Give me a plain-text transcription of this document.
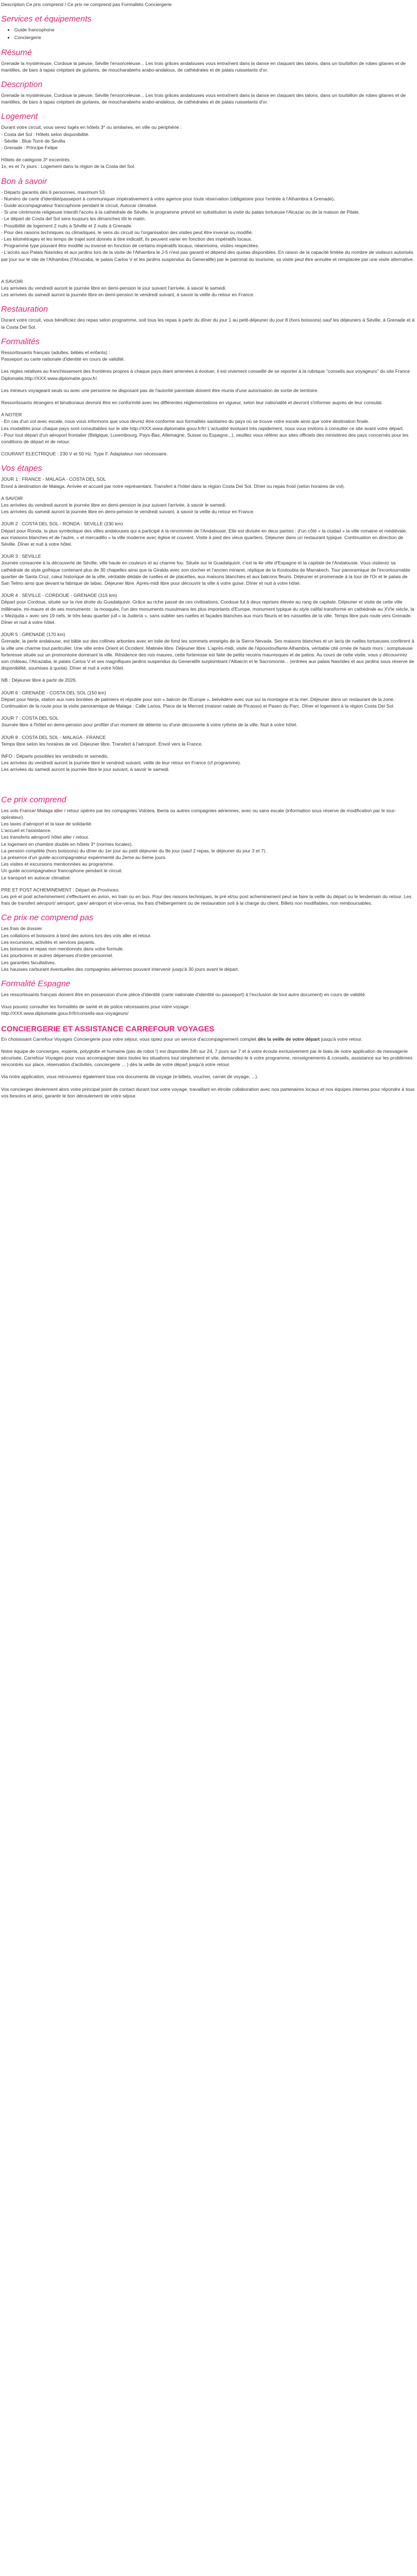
Description Ce prix comprend / Ce prix ne comprend pas Formalités Conciergerie
Services et équipements
• Guide francophone
• Conciergerie
Résumé

Grenade la mystérieuse, Cordoue la pieuse, Séville l'ensorceleuse... Les trois grâces andalouses vous entraînent dans la danse en claquant des talons, dans un tourbillon de robes gitanes et de mantilles, de bars à tapas crépitant de guitares, de moucharabiehs arabo-andalous, de cathédrales et de palais ruisselants d'or.

Description

Grenade la mystérieuse, Cordoue la pieuse, Séville l'ensorceleuse... Les trois grâces andalouses vous entraînent dans la danse en claquant des talons, dans un tourbillon de robes gitanes et de mantilles, de bars à tapas crépitant de guitares, de moucharabiehs arabo-andalous, de cathédrales et de palais ruisselants d'or.

Logement

Durant votre circuit, vous serez logés en hôtels 3* ou similaires, en ville ou périphérie :
- Costa del Sol : Hôtels selon disponibilité.
- Séville : Blue Torre de Sevilla
- Grenade : Principe Felipe

Hôtels de catégorie 3* excentrés.
1x, ex et 7x jours : Logement dans la région de la Costa del Sol.

Bon à savoir

- Départs garantis dès 6 personnes, maximum 53.
- Numéro de carte d'identité/passeport à communiquer impérativement à votre agence pour toute réservation (obligatoire pour l'entrée à l'Alhambra à Grenade).
- Guide accompagnateur francophone pendant le circuit, Autocar climatisé.
- Si une cérémonie religieuse interdit l'accès à la cathédrale de Séville, le programme prévoit en substitution la visite du palais tortueuse l'Alcazar ou de la maison de Pilate.
- Le départ de Costa del Sol sera toujours les dimanches tôt le matin.
- Possibilité de logement 2 nuits à Séville et 2 nuits à Grenade.
- Pour des raisons techniques ou climatiques, le sens du circuit ou l'organisation des visites peut être inversé ou modifié.
- Les kilométrages et les temps de trajet sont donnés à titre indicatif, ils peuvent varier en fonction des impératifs locaux.
- Programme type pouvant être modifié ou inversé en fonction de certains impératifs locaux, néanmoins, visites respectées.
- L'accès aux Palais Nasrides et aux jardins lors de la visite de l'Alhambra le J-5 n'est pas garanti et dépend des quotas disponibles. En raison de la capacité limitée du nombre de visiteurs autorisés par jour sur le site de l'Alhambra (l'Alcazaba, le palais Carlos V et les jardins suspendus du Generalife) par le patronat du tourisme, sa visite peut être annulée et remplacée par une visite alternative.

A SAVOIR
Les arrivées du vendredi auront le journée libre en demi-pension le jour suivant l'arrivée, à savoir le samedi.
Les arrivées du samedi auront la journée libre en demi-pension le vendredi suivant, à savoir la veille du retour en France.

Restauration

Durant votre circuit, vous bénéficiez des repas selon programme, soit tous les repas à partir du dîner du jour 1 au petit-déjeuner du jour 8 (hors boissons) sauf les déjeuners à Séville, à Grenade et à la Costa Del Sol.

Formalités

Ressortissants français (adultes, bébés et enfants) :
Passeport ou carte nationale d'identité en cours de validité.

Les règles relatives au franchissement des frontières propres à chaque pays étant amenées à évoluer, il est vivement conseillé de se reporter à la rubrique "conseils aux voyageurs" du site France Diplomatie,http://XXX.www.diplomatie.gouv.fr/.

Les mineurs voyageant seuls ou avec une personne ne disposant pas de l'autorité parentale doivent être munis d'une autorisation de sortie de territoire.

Ressortissants étrangers et binationaux devront être en conformité avec les différentes réglementations en vigueur, selon leur nationalité et devront s'informer auprès de leur consulat.

A NOTER
- En cas d'un vol avec escale, nous vous informons que vous devrez être conforme aux formalités sanitaires du pays où se trouve votre escale ainsi que votre destination finale.
Les modalités pour chaque pays sont consultables sur le site http://XXX.www.diplomatie.gouv.fr/fr/ L'actualité évoluant très rapidement, nous vous invitons à consulter ce site avant votre départ.
- Pour tout départ d'un aéroport frontalier (Belgique, Luxembourg, Pays-Bas, Allemagne, Suisse ou Espagne...), veuillez vous référer aux sites officiels des ministères des pays concernés pour les conditions de départ et de retour.

COURANT ELECTRIQUE : 230 V et 50 Hz. Type F. Adaptateur non nécessaire.

Vos étapes

JOUR 1 : FRANCE - MALAGA - COSTA DEL SOL
Envol à destination de Malaga. Arrivée et accueil par notre représentant. Transfert à l'hôtel dans la région Costa Del Sol. Dîner ou repas froid (selon horaires de vol).

A SAVOIR
Les arrivées du vendredi auront le journée libre en demi-pension le jour suivant l'arrivée, à savoir le samedi.
Les arrivées du samedi auront la journée libre en demi-pension le vendredi suivant, à savoir la veille du retour en France.

JOUR 2 : COSTA DEL SOL - RONDA - SEVILLE (230 km)
Départ pour Ronda, la plus symbolique des villes andalouses qui a participé à la renommée de l'Andalousie. Elle est divisée en deux parties : d'un côté « la ciudad » la ville romaine et médiévale, aux maisons blanches et de l'autre, « el mercadillo » la ville moderne avec église et couvent. Visite à pied des vieux quartiers. Déjeuner dans un restaurant typique. Continuation en direction de Séville. Dîner et nuit à votre hôtel.

JOUR 3 : SEVILLE
Journée consacrée à la découverte de Séville, ville haute en couleurs et au charme fou. Située sur le Guadalquivir, c'est la 4e ville d'Espagne et la capitale de l'Andalousie. Vous visiterez sa cathédrale de style gothique contenant plus de 30 chapelles ainsi que la Giralda avec son clocher et l'ancien minaret, réplique de la Koutoubia de Marrakech. Tour panoramique de l'incontournable quartier de Santa Cruz, cœur historique de la ville, véritable dédale de ruelles et de placettes, aux maisons blanchies et aux balcons fleuris. Déjeuner et promenade à la tour de l'Or et le palais de San Telmo ainsi que devant la fabrique de tabac. Déjeuner libre. Après-midi libre pour découvrir la ville à votre guise. Dîner et nuit à votre hôtel.

JOUR 4 : SEVILLE - CORDOUE - GRENADE (315 km)
Départ pour Cordoue, située sur la rive droite du Guadalquivir. Grâce au riche passé de ces civilisations, Cordoue fut à deux reprises élevée au rang de capitale. Déjeuner et visite de cette ville millénaire, mi-maure et de ses monuments : la mosquée, l'un des monuments musulmans les plus importants d'Europe, monument typique du style califal transformé en cathédrale au XVIe siècle, la « Mezquita » avec ses 19 nefs, le très beau quartier juif « la Judería », sans oublier ses ruelles et façades blanches aux murs fleuris et les ruisselles de la ville. Temps libre puis route vers Grenade. Dîner et nuit à votre hôtel.

JOUR 5 : GRENADE (170 km)
Grenade, la perle andalouse, est bâtie sur des collines arborées avec en toile de fond les sommets enneigés de la Sierra Nevada. Ses maisons blanches et un lacis de ruelles tortueuses confèrent à la ville une charme tout particulier. Une ville entre Orient et Occident. Matinée libre. Déjeuner libre. L'après-midi, visite de l'époustouflante Alhambra, véritable cité ornée de hauts murs ; somptueuse forteresse située sur un promontoire dominant la ville. Résidence des rois maures, cette forteresse est faite de petits recoins mauresques et de patios. Au cours de cette visite, vous y découvrirez son château, l'Alcazaba, le palais Carlos V et ses magnifiques jardins suspendus du Generalife surplombant l'Albaicín et le Sacromonte... (entrées aux palais Nasrides et aux jardins sous réserve de disponibilité, soumises à quota). Dîner et nuit à votre hôtel.

NB : Déjeuner libre à partir de 2026.

JOUR 6 : GRENADE - COSTA DEL SOL (150 km)
Départ pour Nerja, station aux rues bordées de palmiers et réputée pour son « balcon de l'Europe », belvédère avec vue sur la montagne et la mer. Déjeuner dans un restaurant de la zone. Continuation de la route pour la visite panoramique de Malaga : Calle Larios, Place de la Merced (maison natale de Picasso) et Paseo du Parc. Dîner et logement à la région Costa Del Sol.

JOUR 7 : COSTA DEL SOL
Journée libre à l'hôtel en demi-pension pour profiter d'un moment de détente ou d'une découverte à votre rythme de la ville. Nuit à votre hôtel.

JOUR 8 : COSTA DEL SOL - MALAGA - FRANCE
Temps libre selon les horaires de vol. Déjeuner libre. Transfert à l'aéroport. Envol vers la France.

INFO : Départs possibles les vendredis et samedis.
Les arrivées du vendredi auront la journée libre le vendredi suivant, veille de leur retour en France (cf programme).
Les arrivées du samedi auront la journée libre le jour suivant, à savoir le samedi.

Ce prix comprend

Les vols France/ Malaga aller / retour opérés par les compagnies Volotea, Iberia ou autres compagnies aériennes, avec ou sans escale (information sous réserve de modification par le tour-opérateur).
Les taxes d'aéroport et la taxe de solidarité.
L'accueil et l'assistance.
Les transferts aéroport/ hôtel aller / retour.
Le logement en chambre double en hôtels 3* (normes locales).
La pension complète (hors boissons) du dîner du 1er jour au petit déjeuner du 8e jour (sauf 2 repas, le déjeuner du jour 3 et 7).
La présence d'un guide-accompagnateur expérimenté du 2eme au 6eme jours.
Les visites et excursions mentionnées au programme.
Un guide accompagnateur francophone pendant le circuit.
Le transport en autocar climatisé.

PRE ET POST ACHEMINEMENT : Départ de Provinces.
Les pré et post acheminement s'effectuent en avion, en train ou en bus. Pour des raisons techniques, le pré et/ou post acheminement peut se faire la veille du départ ou le lendemain du retour. Les frais de transfert aéroport/ aéroport, gare/ aéroport et vice-versa, les frais d'hébergement ou de restauration soit à la charge du client. Billets non modifiables, non remboursables.

Ce prix ne comprend pas

Les frais de dossier.
Les collations et boissons à bord des avions lors des vols aller et retour.
Les excursions, activités et services payants.
Les boissons et repas non mentionnés dans votre formule.
Les pourboires et autres dépenses d'ordre personnel.
Les garanties facultatives.
Les hausses carburant éventuelles des compagnies aériennes pouvant intervenir jusqu'à 30 jours avant le départ.

Formalité Espagne

Les ressortissants français doivent être en possession d'une pièce d'identité (carte nationale d'identité ou passeport) à l'exclusion de tout autre document) en cours de validité.

Vous pouvez consulter les formalités de santé et de police nécessaires pour votre voyage :
http://XXX.www.diplomatie.gouv.fr/fr/conseils-aux-voyageurs/

CONCIERGERIE ET ASSISTANCE CARREFOUR VOYAGES

En choisissant Carrefour Voyages Conciergerie pour votre séjour, vous optez pour un service d'accompagnement complet dès la veille de votre départ jusqu'à votre retour.

Notre équipe de concierges, experte, polyglotte et humaine (pas de robot !) est disponible 24h sur 24, 7 jours sur 7 et à votre écoute exclusivement par le biais de notre application de messagerie sécurisée, Carrefour Voyages pour vous accompagner dans toutes les situations tout simplement et vite, demandez-le à votre programme, renseignements & conseils, assistance sur les problèmes rencontrés sur place, réservation d'activités, conciergerie ... ) dès la veille de votre départ jusqu'à votre retour.

Via notre application, vous retrouverez également tous vos documents de voyage (e-billets, voucher, carnet de voyage, ...).

Vos concierges deviennent alors votre principal point de contact durant tout votre voyage, travaillant en étroite collaboration avec nos partenaires locaux et nos équipes internes pour répondre à tous vos besoins et ainsi, garantir le bon déroulement de votre séjour.
